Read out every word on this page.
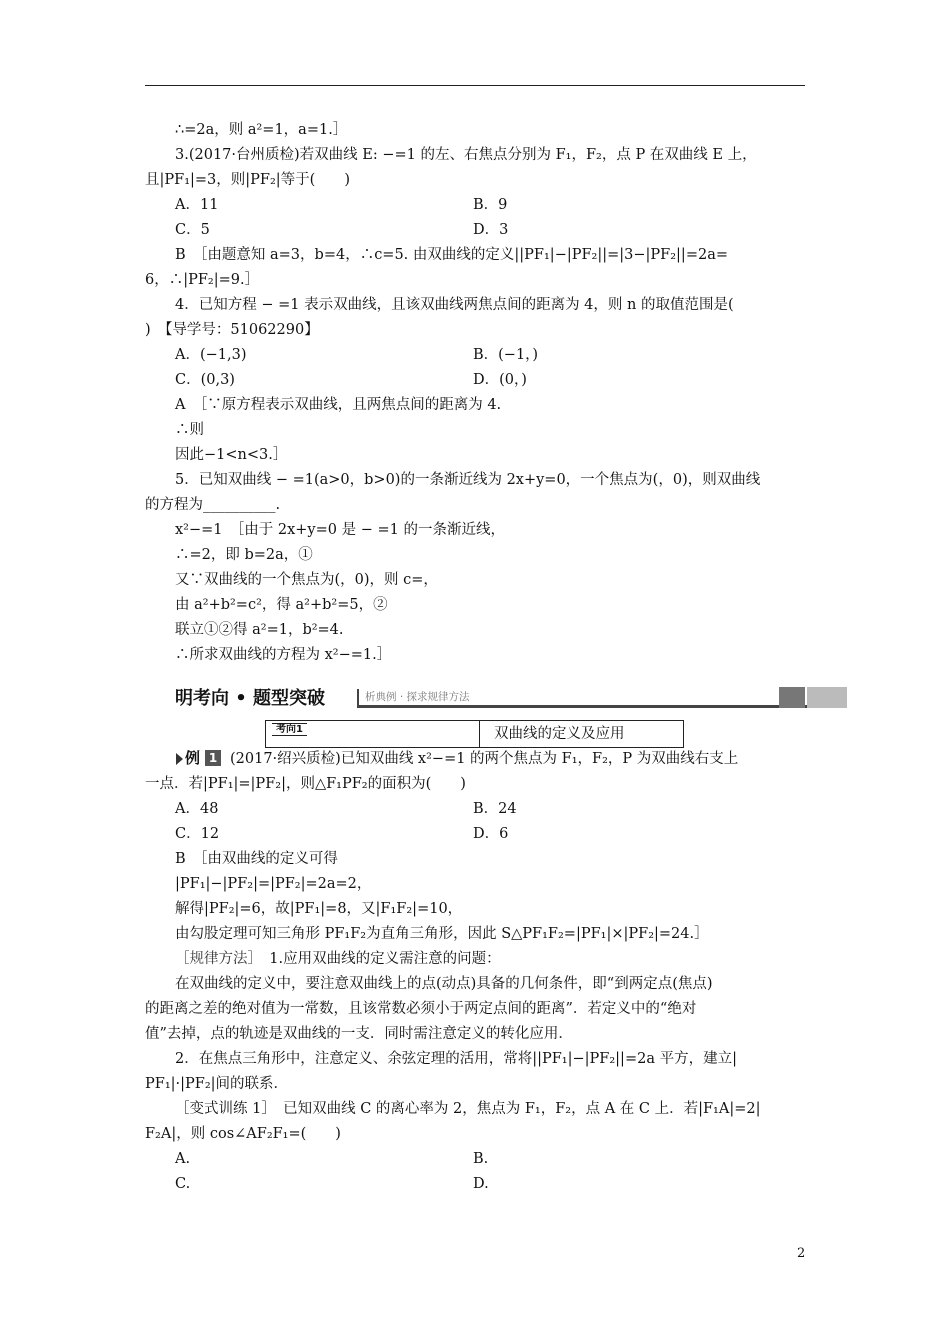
∴=2a，则 a²=1，a=1.］
3.(2017·台州质检)若双曲线 E: −=1 的左、右焦点分别为 F₁，F₂，点 P 在双曲线 E 上，
且|PF₁|=3，则|PF₂|等于(　　)
A．11	B．9
C．5	D．3
B　［由题意知 a=3，b=4，∴c=5. 由双曲线的定义||PF₁|−|PF₂||=|3−|PF₂||=2a=
6，∴|PF₂|=9.］
4．已知方程 − =1 表示双曲线，且该双曲线两焦点间的距离为 4，则 n 的取值范围是(
)　【导学号：51062290】
A．(−1,3)	B．(−1，)
C．(0,3)	D．(0，)
A　［∵原方程表示双曲线，且两焦点间的距离为 4.
∴则
因此−1<n<3.］
5．已知双曲线 − =1(a>0，b>0)的一条渐近线为 2x+y=0，一个焦点为(，0)，则双曲线
的方程为__________.
x²−=1　［由于 2x+y=0 是 − =1 的一条渐近线，
∴=2，即 b=2a，①
又∵双曲线的一个焦点为(，0)，则 c=，
由 a²+b²=c²，得 a²+b²=5，②
联立①②得 a²=1，b²=4.
∴所求双曲线的方程为 x²−=1.］
明考向 • 题型突破	析典例 · 探求规律方法
考向1	双曲线的定义及应用
例 1 (2017·绍兴质检)已知双曲线 x²−=1 的两个焦点为 F₁，F₂，P 为双曲线右支上
一点．若|PF₁|=|PF₂|，则△F₁PF₂的面积为(　　)
A．48	B．24
C．12	D．6
B　［由双曲线的定义可得
|PF₁|−|PF₂|=|PF₂|=2a=2，
解得|PF₂|=6，故|PF₁|=8，又|F₁F₂|=10，
由勾股定理可知三角形 PF₁F₂为直角三角形，因此 S△PF₁F₂=|PF₁|×|PF₂|=24.］
［规律方法］　1.应用双曲线的定义需注意的问题：
在双曲线的定义中，要注意双曲线上的点(动点)具备的几何条件，即“到两定点(焦点)
的距离之差的绝对值为一常数，且该常数必须小于两定点间的距离”．若定义中的“绝对
值”去掉，点的轨迹是双曲线的一支．同时需注意定义的转化应用．
2．在焦点三角形中，注意定义、余弦定理的活用，常将||PF₁|−|PF₂||=2a 平方，建立|
PF₁|·|PF₂|间的联系．
［变式训练 1］　已知双曲线 C 的离心率为 2，焦点为 F₁，F₂，点 A 在 C 上．若|F₁A|=2|
F₂A|，则 cos∠AF₂F₁=(　　)
A.	B.
C.	D.
2
